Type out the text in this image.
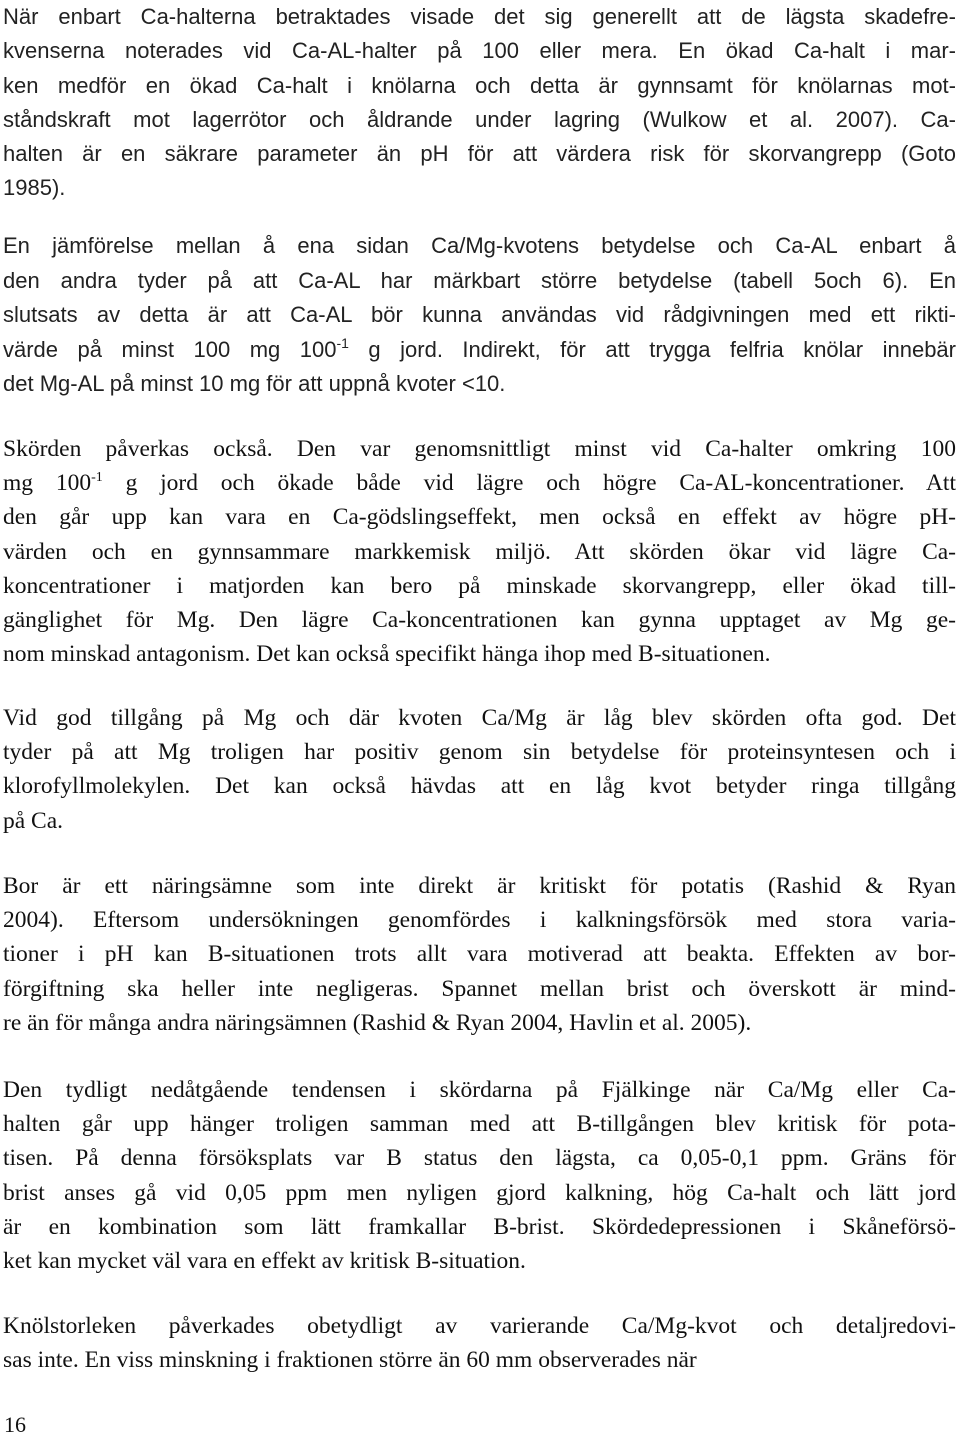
När enbart Ca-halterna betraktades visade det sig generellt att de lägsta skadefre-
kvenserna noterades vid Ca-AL-halter på 100 eller mera. En ökad Ca-halt i mar-
ken medför en ökad Ca-halt i knölarna och detta är gynnsamt för knölarnas mot-
ståndskraft mot lagerrötor och åldrande under lagring (Wulkow et al. 2007). Ca-
halten är en säkrare parameter än pH för att värdera risk för skorvangrepp (Goto
1985).

En jämförelse mellan å ena sidan Ca/Mg-kvotens betydelse och Ca-AL enbart å
den andra tyder på att Ca-AL har märkbart större betydelse (tabell 5och 6). En
slutsats av detta är att Ca-AL bör kunna användas vid rådgivningen med ett rikti-
värde på minst 100 mg $100^{-1}$ g jord. Indirekt, för att trygga felfria knölar innebär
det Mg-AL på minst 10 mg för att uppnå kvoter <10.

Skörden påverkas också. Den var genomsnittligt minst vid Ca-halter omkring 100
mg $100^{-1}$ g jord och ökade både vid lägre och högre Ca-AL-koncentrationer. Att
den går upp kan vara en Ca-gödslingseffekt, men också en effekt av högre pH-
värden och en gynnsammare markkemisk miljö. Att skörden ökar vid lägre Ca-
koncentrationer i matjorden kan bero på minskade skorvangrepp, eller ökad till-
gänglighet för Mg. Den lägre Ca-koncentrationen kan gynna upptaget av Mg ge-
nom minskad antagonism. Det kan också specifikt hänga ihop med B-situationen.

Vid god tillgång på Mg och där kvoten Ca/Mg är låg blev skörden ofta god. Det
tyder på att Mg troligen har positiv genom sin betydelse för proteinsyntesen och i
klorofyllmolekylen. Det kan också hävdas att en låg kvot betyder ringa tillgång
på Ca.

Bor är ett näringsämne som inte direkt är kritiskt för potatis (Rashid & Ryan
2004). Eftersom undersökningen genomfördes i kalkningsförsök med stora varia-
tioner i pH kan B-situationen trots allt vara motiverad att beakta. Effekten av bor-
förgiftning ska heller inte negligeras. Spannet mellan brist och överskott är mind-
re än för många andra näringsämnen (Rashid & Ryan 2004, Havlin et al. 2005).

Den tydligt nedåtgående tendensen i skördarna på Fjälkinge när Ca/Mg eller Ca-
halten går upp hänger troligen samman med att B-tillgången blev kritisk för pota-
tisen. På denna försöksplats var B status den lägsta, ca 0,05-0,1 ppm. Gräns för
brist anses gå vid 0,05 ppm men nyligen gjord kalkning, hög Ca-halt och lätt jord
är en kombination som lätt framkallar B-brist. Skördedepressionen i Skåneförsö-
ket kan mycket väl vara en effekt av kritisk B-situation.

Knölstorleken påverkades obetydligt av varierande Ca/Mg-kvot och detaljredovi-
sas inte. En viss minskning i fraktionen större än 60 mm observerades när

16
